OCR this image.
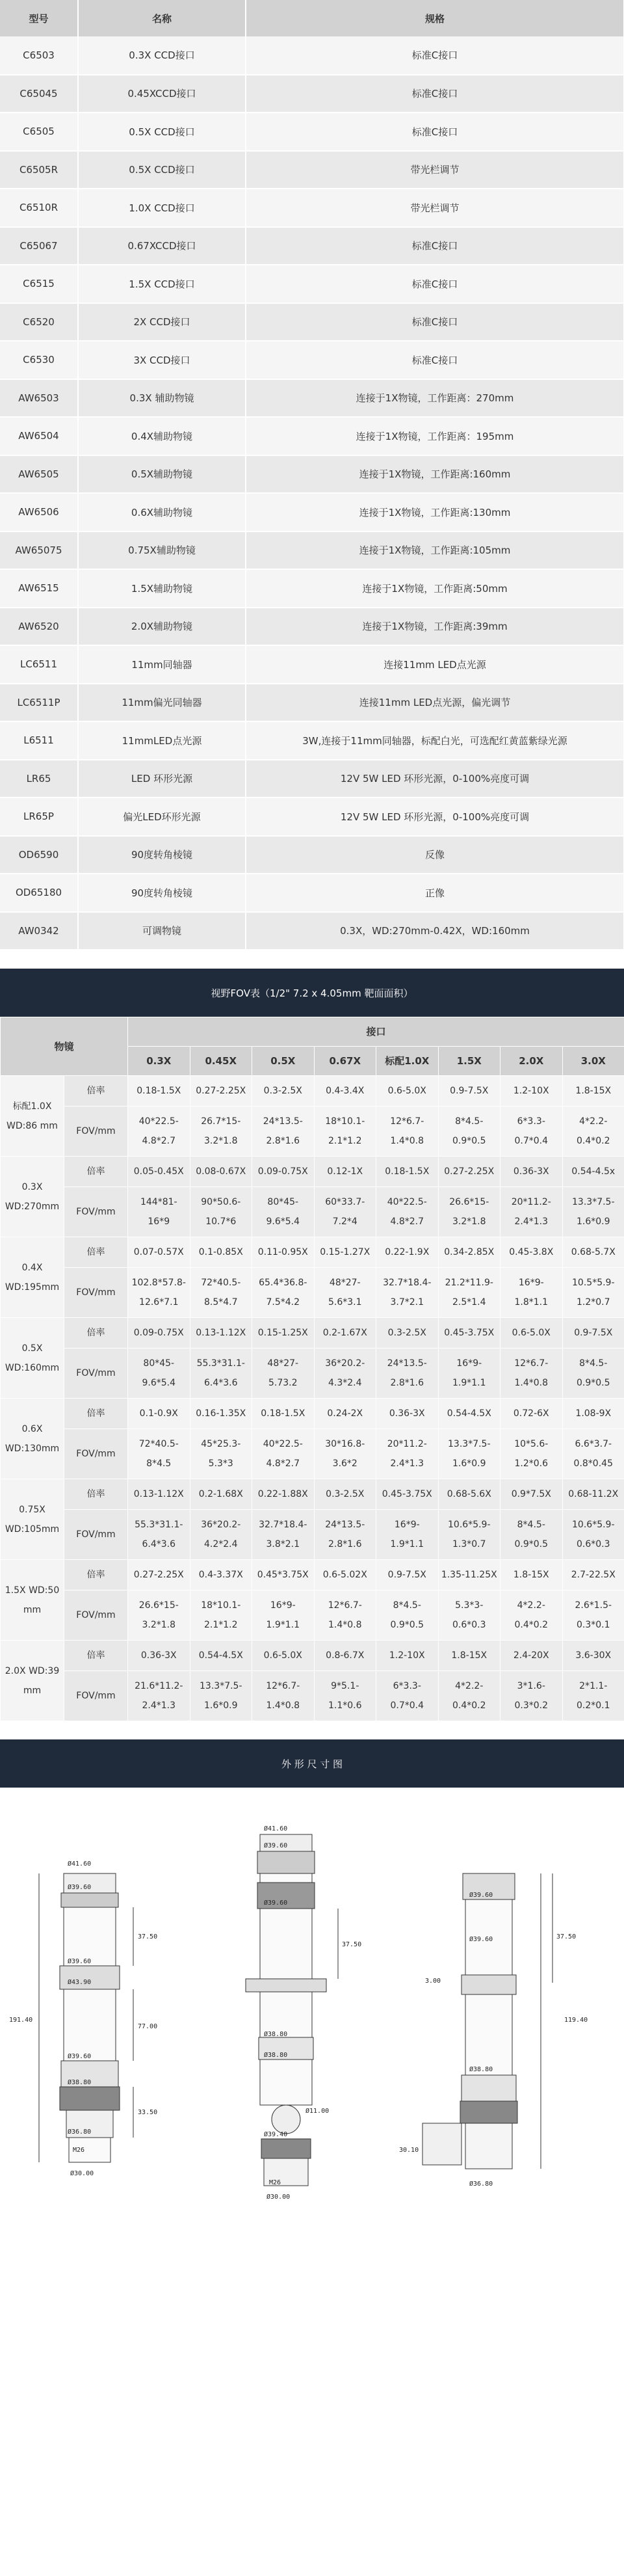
型号	名称	规格
C6503	0.3X CCD接口	标准C接口
C65045	0.45XCCD接口	标准C接口
C6505	0.5X CCD接口	标准C接口
C6505R	0.5X CCD接口	带光栏调节
C6510R	1.0X CCD接口	带光栏调节
C65067	0.67XCCD接口	标准C接口
C6515	1.5X CCD接口	标准C接口
C6520	2X CCD接口	标准C接口
C6530	3X CCD接口	标准C接口
AW6503	0.3X 辅助物镜	连接于1X物镜，工作距离：270mm
AW6504	0.4X辅助物镜	连接于1X物镜，工作距离：195mm
AW6505	0.5X辅助物镜	连接于1X物镜，工作距离:160mm
AW6506	0.6X辅助物镜	连接于1X物镜，工作距离:130mm
AW65075	0.75X辅助物镜	连接于1X物镜，工作距离:105mm
AW6515	1.5X辅助物镜	连接于1X物镜，工作距离:50mm
AW6520	2.0X辅助物镜	连接于1X物镜，工作距离:39mm
LC6511	11mm同轴器	连接11mm LED点光源
LC6511P	11mm偏光同轴器	连接11mm LED点光源，偏光调节
L6511	11mmLED点光源	3W,连接于11mm同轴器，标配白光，可选配红黄蓝紫绿光源
LR65	LED 环形光源	12V 5W LED 环形光源，0-100%亮度可调
LR65P	偏光LED环形光源	12V 5W LED 环形光源，0-100%亮度可调
OD6590	90度转角棱镜	反像
OD65180	90度转角棱镜	正像
AW0342	可调物镜	0.3X，WD:270mm-0.42X，WD:160mm
视野FOV表（1/2" 7.2 x 4.05mm 靶面面积）
物镜		接口							
		0.3X	0.45X	0.5X	0.67X	标配1.0X	1.5X	2.0X	3.0X
标配1.0X WD:86 mm	倍率	0.18-1.5X	0.27-2.25X	0.3-2.5X	0.4-3.4X	0.6-5.0X	0.9-7.5X	1.2-10X	1.8-15X
	FOV/mm	40*22.5-4.8*2.7	26.7*15-3.2*1.8	24*13.5-2.8*1.6	18*10.1-2.1*1.2	12*6.7-1.4*0.8	8*4.5-0.9*0.5	6*3.3-0.7*0.4	4*2.2-0.4*0.2
0.3X WD:270mm	倍率	0.05-0.45X	0.08-0.67X	0.09-0.75X	0.12-1X	0.18-1.5X	0.27-2.25X	0.36-3X	0.54-4.5x
	FOV/mm	144*81-16*9	90*50.6-10.7*6	80*45-9.6*5.4	60*33.7-7.2*4	40*22.5-4.8*2.7	26.6*15-3.2*1.8	20*11.2-2.4*1.3	13.3*7.5-1.6*0.9
0.4X WD:195mm	倍率	0.07-0.57X	0.1-0.85X	0.11-0.95X	0.15-1.27X	0.22-1.9X	0.34-2.85X	0.45-3.8X	0.68-5.7X
	FOV/mm	102.8*57.8-12.6*7.1	72*40.5-8.5*4.7	65.4*36.8-7.5*4.2	48*27-5.6*3.1	32.7*18.4-3.7*2.1	21.2*11.9-2.5*1.4	16*9-1.8*1.1	10.5*5.9-1.2*0.7
0.5X WD:160mm	倍率	0.09-0.75X	0.13-1.12X	0.15-1.25X	0.2-1.67X	0.3-2.5X	0.45-3.75X	0.6-5.0X	0.9-7.5X
	FOV/mm	80*45-9.6*5.4	55.3*31.1-6.4*3.6	48*27-5.73.2	36*20.2-4.3*2.4	24*13.5-2.8*1.6	16*9-1.9*1.1	12*6.7-1.4*0.8	8*4.5-0.9*0.5
0.6X WD:130mm	倍率	0.1-0.9X	0.16-1.35X	0.18-1.5X	0.24-2X	0.36-3X	0.54-4.5X	0.72-6X	1.08-9X
	FOV/mm	72*40.5-8*4.5	45*25.3-5.3*3	40*22.5-4.8*2.7	30*16.8-3.6*2	20*11.2-2.4*1.3	13.3*7.5-1.6*0.9	10*5.6-1.2*0.6	6.6*3.7-0.8*0.45
0.75X WD:105mm	倍率	0.13-1.12X	0.2-1.68X	0.22-1.88X	0.3-2.5X	0.45-3.75X	0.68-5.6X	0.9*7.5X	0.68-11.2X
	FOV/mm	55.3*31.1-6.4*3.6	36*20.2-4.2*2.4	32.7*18.4-3.8*2.1	24*13.5-2.8*1.6	16*9-1.9*1.1	10.6*5.9-1.3*0.7	8*4.5-0.9*0.5	10.6*5.9-0.6*0.3
1.5X WD:50 mm	倍率	0.27-2.25X	0.4-3.37X	0.45*3.75X	0.6-5.02X	0.9-7.5X	1.35-11.25X	1.8-15X	2.7-22.5X
	FOV/mm	26.6*15-3.2*1.8	18*10.1-2.1*1.2	16*9-1.9*1.1	12*6.7-1.4*0.8	8*4.5-0.9*0.5	5.3*3-0.6*0.3	4*2.2-0.4*0.2	2.6*1.5-0.3*0.1
2.0X WD:39 mm	倍率	0.36-3X	0.54-4.5X	0.6-5.0X	0.8-6.7X	1.2-10X	1.8-15X	2.4-20X	3.6-30X
	FOV/mm	21.6*11.2-2.4*1.3	13.3*7.5-1.6*0.9	12*6.7-1.4*0.8	9*5.1-1.1*0.6	6*3.3-0.7*0.4	4*2.2-0.4*0.2	3*1.6-0.3*0.2	2*1.1-0.2*0.1
外 形 尺 寸 图
Ø41.60
Ø39.60
Ø39.60
Ø43.90
Ø39.60
Ø38.80
Ø36.80
M26
Ø30.00
37.50
77.00
33.50
191.40
Ø41.60
Ø39.60
Ø39.60
Ø38.80
Ø38.80
Ø11.00
Ø39.40
M26
Ø30.00
37.50
Ø39.60
Ø39.60
Ø38.80
Ø36.80
3.00
37.50
30.10
119.40
